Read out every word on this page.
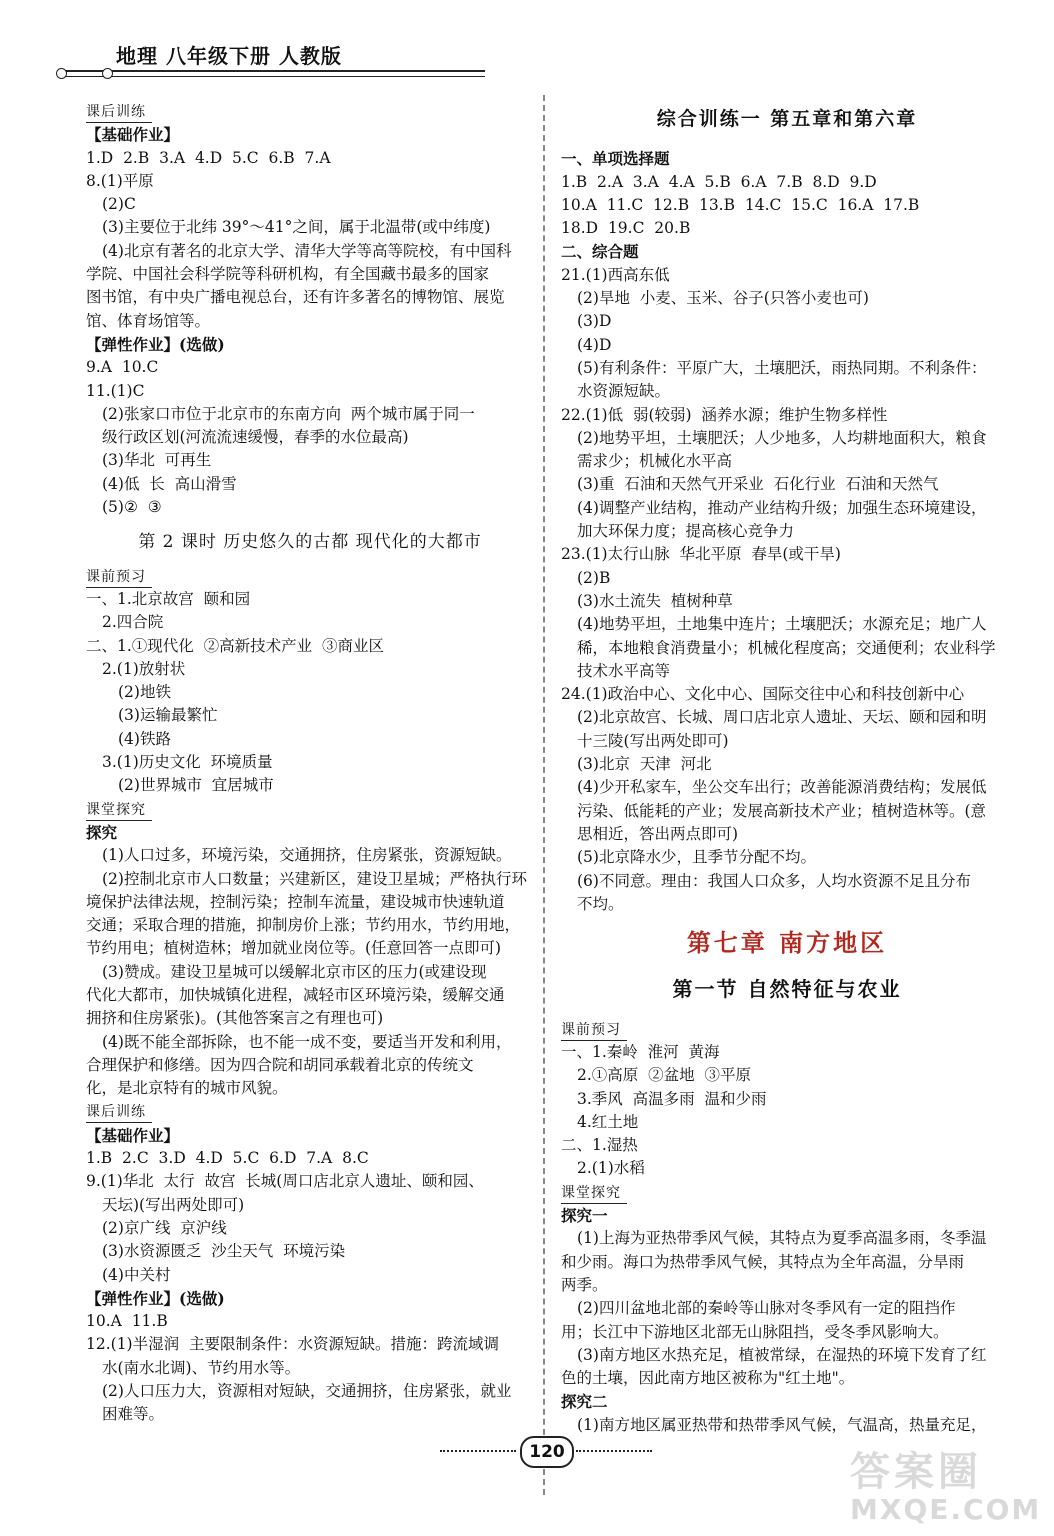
地理 八年级下册 人教版
课后训练
【基础作业】
1.D  2.B  3.A  4.D  5.C  6.B  7.A
8.(1)平原
(2)C
(3)主要位于北纬 39°～41°之间，属于北温带(或中纬度)
(4)北京有著名的北京大学、清华大学等高等院校，有中国科
学院、中国社会科学院等科研机构，有全国藏书最多的国家
图书馆，有中央广播电视总台，还有许多著名的博物馆、展览
馆、体育场馆等。
【弹性作业】(选做)
9.A  10.C
11.(1)C
(2)张家口市位于北京市的东南方向  两个城市属于同一
级行政区划(河流流速缓慢，春季的水位最高)
(3)华北  可再生
(4)低  长  高山滑雪
(5)②  ③
第 2 课时 历史悠久的古都 现代化的大都市
课前预习
一、1.北京故宫  颐和园
2.四合院
二、1.①现代化  ②高新技术产业  ③商业区
2.(1)放射状
(2)地铁
(3)运输最繁忙
(4)铁路
3.(1)历史文化  环境质量
(2)世界城市  宜居城市
课堂探究
探究
(1)人口过多，环境污染，交通拥挤，住房紧张，资源短缺。
(2)控制北京市人口数量；兴建新区，建设卫星城；严格执行环
境保护法律法规，控制污染；控制车流量，建设城市快速轨道
交通；采取合理的措施，抑制房价上涨；节约用水，节约用地，
节约用电；植树造林；增加就业岗位等。(任意回答一点即可)
(3)赞成。建设卫星城可以缓解北京市区的压力(或建设现
代化大都市，加快城镇化进程，减轻市区环境污染，缓解交通
拥挤和住房紧张)。(其他答案言之有理也可)
(4)既不能全部拆除，也不能一成不变，要适当开发和利用，
合理保护和修缮。因为四合院和胡同承载着北京的传统文
化，是北京特有的城市风貌。
课后训练
【基础作业】
1.B  2.C  3.D  4.D  5.C  6.D  7.A  8.C
9.(1)华北  太行  故宫  长城(周口店北京人遗址、颐和园、
天坛)(写出两处即可)
(2)京广线  京沪线
(3)水资源匮乏  沙尘天气  环境污染
(4)中关村
【弹性作业】(选做)
10.A  11.B
12.(1)半湿润  主要限制条件：水资源短缺。措施：跨流域调
水(南水北调)、节约用水等。
(2)人口压力大，资源相对短缺，交通拥挤，住房紧张，就业
困难等。
综合训练一 第五章和第六章
一、单项选择题
1.B  2.A  3.A  4.A  5.B  6.A  7.B  8.D  9.D
10.A  11.C  12.B  13.B  14.C  15.C  16.A  17.B
18.D  19.C  20.B
二、综合题
21.(1)西高东低
(2)旱地  小麦、玉米、谷子(只答小麦也可)
(3)D
(4)D
(5)有利条件：平原广大，土壤肥沃，雨热同期。不利条件：
水资源短缺。
22.(1)低  弱(较弱)  涵养水源；维护生物多样性
(2)地势平坦，土壤肥沃；人少地多，人均耕地面积大，粮食
需求少；机械化水平高
(3)重  石油和天然气开采业  石化行业  石油和天然气
(4)调整产业结构，推动产业结构升级；加强生态环境建设，
加大环保力度；提高核心竞争力
23.(1)太行山脉  华北平原  春旱(或干旱)
(2)B
(3)水土流失  植树种草
(4)地势平坦，土地集中连片；土壤肥沃；水源充足；地广人
稀，本地粮食消费量小；机械化程度高；交通便利；农业科学
技术水平高等
24.(1)政治中心、文化中心、国际交往中心和科技创新中心
(2)北京故宫、长城、周口店北京人遗址、天坛、颐和园和明
十三陵(写出两处即可)
(3)北京  天津  河北
(4)少开私家车，坐公交车出行；改善能源消费结构；发展低
污染、低能耗的产业；发展高新技术产业；植树造林等。(意
思相近，答出两点即可)
(5)北京降水少，且季节分配不均。
(6)不同意。理由：我国人口众多，人均水资源不足且分布
不均。
第七章 南方地区
第一节 自然特征与农业
课前预习
一、1.秦岭  淮河  黄海
2.①高原  ②盆地  ③平原
3.季风  高温多雨  温和少雨
4.红土地
二、1.湿热
2.(1)水稻
课堂探究
探究一
(1)上海为亚热带季风气候，其特点为夏季高温多雨，冬季温
和少雨。海口为热带季风气候，其特点为全年高温，分旱雨
两季。
(2)四川盆地北部的秦岭等山脉对冬季风有一定的阻挡作
用；长江中下游地区北部无山脉阻挡，受冬季风影响大。
(3)南方地区水热充足，植被常绿，在湿热的环境下发育了红
色的土壤，因此南方地区被称为"红土地"。
探究二
(1)南方地区属亚热带和热带季风气候，气温高，热量充足，
120	答案圈
MXQE.COM
